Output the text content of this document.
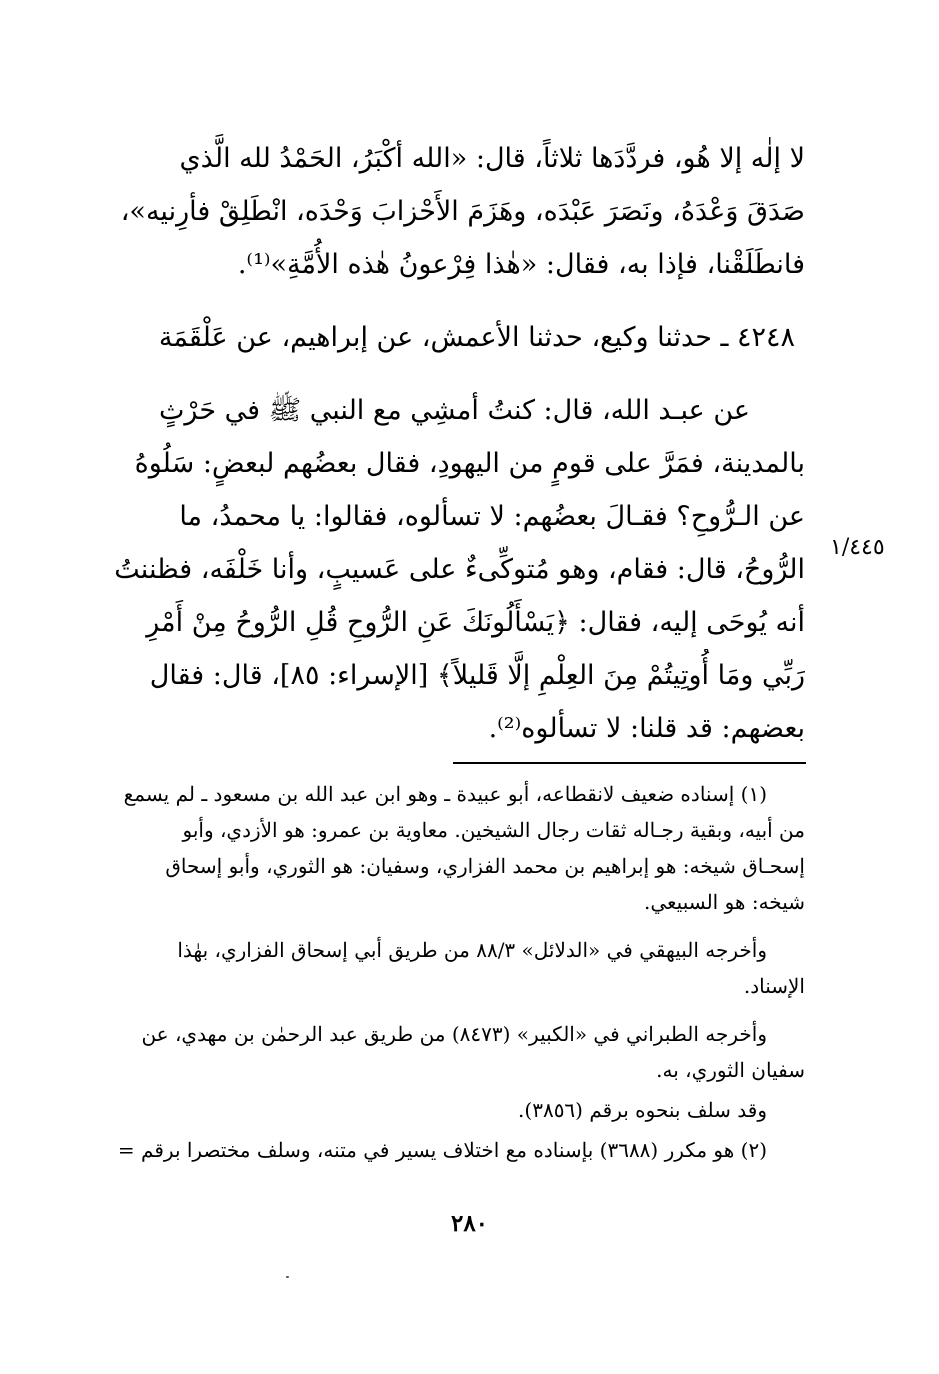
لا إلٰه إلا هُو، فردَّدَها ثلاثاً، قال: «الله أكْبَرُ، الحَمْدُ لله الَّذي
صَدَقَ وَعْدَهُ، ونَصَرَ عَبْدَه، وهَزَمَ الأَحْزابَ وَحْدَه، انْطَلِقْ فأرِنيه»،
فانطَلَقْنا، فإذا به، فقال: «هٰذا فِرْعونُ هٰذه الأُمَّةِ»⁽¹⁾.
٤٢٤٨ ـ حدثنا وكيع، حدثنا الأعمش، عن إبراهيم، عن عَلْقَمَة
عن عبـد الله، قال: كنتُ أمشِي مع النبي ﷺ في حَرْثٍ
بالمدينة، فمَرَّ على قومٍ من اليهودِ، فقال بعضُهم لبعضٍ: سَلُوهُ
عن الـرُّوحِ؟ فقـالَ بعضُهم: لا تسألوه، فقالوا: يا محمدُ، ما
الرُّوحُ، قال: فقام، وهو مُتوكِّىءٌ على عَسيبٍ، وأنا خَلْفَه، فظننتُ
أنه يُوحَى إليه، فقال: ﴿يَسْأَلُونَكَ عَنِ الرُّوحِ قُلِ الرُّوحُ مِنْ أَمْرِ
رَبِّي ومَا أُوتِيتُمْ مِنَ العِلْمِ إلَّا قَليلاً﴾ [الإسراء: ٨٥]، قال: فقال
بعضهم: قد قلنا: لا تسألوه⁽²⁾.
١/٤٤٥
(١) إسناده ضعيف لانقطاعه، أبو عبيدة ـ وهو ابن عبد الله بن مسعود ـ لم يسمع
من أبيه، وبقية رجـاله ثقات رجال الشيخين. معاوية بن عمرو: هو الأزدي، وأبو
إسحـاق شيخه: هو إبراهيم بن محمد الفزاري، وسفيان: هو الثوري، وأبو إسحاق
شيخه: هو السبيعي.
وأخرجه البيهقي في «الدلائل» ٨٨/٣ من طريق أبي إسحاق الفزاري، بهٰذا
الإسناد.
وأخرجه الطبراني في «الكبير» (٨٤٧٣) من طريق عبد الرحمٰن بن مهدي، عن
سفيان الثوري، به.
وقد سلف بنحوه برقم (٣٨٥٦).
(٢) هو مكرر (٣٦٨٨) بإسناده مع اختلاف يسير في متنه، وسلف مختصرا برقم =
٢٨٠
